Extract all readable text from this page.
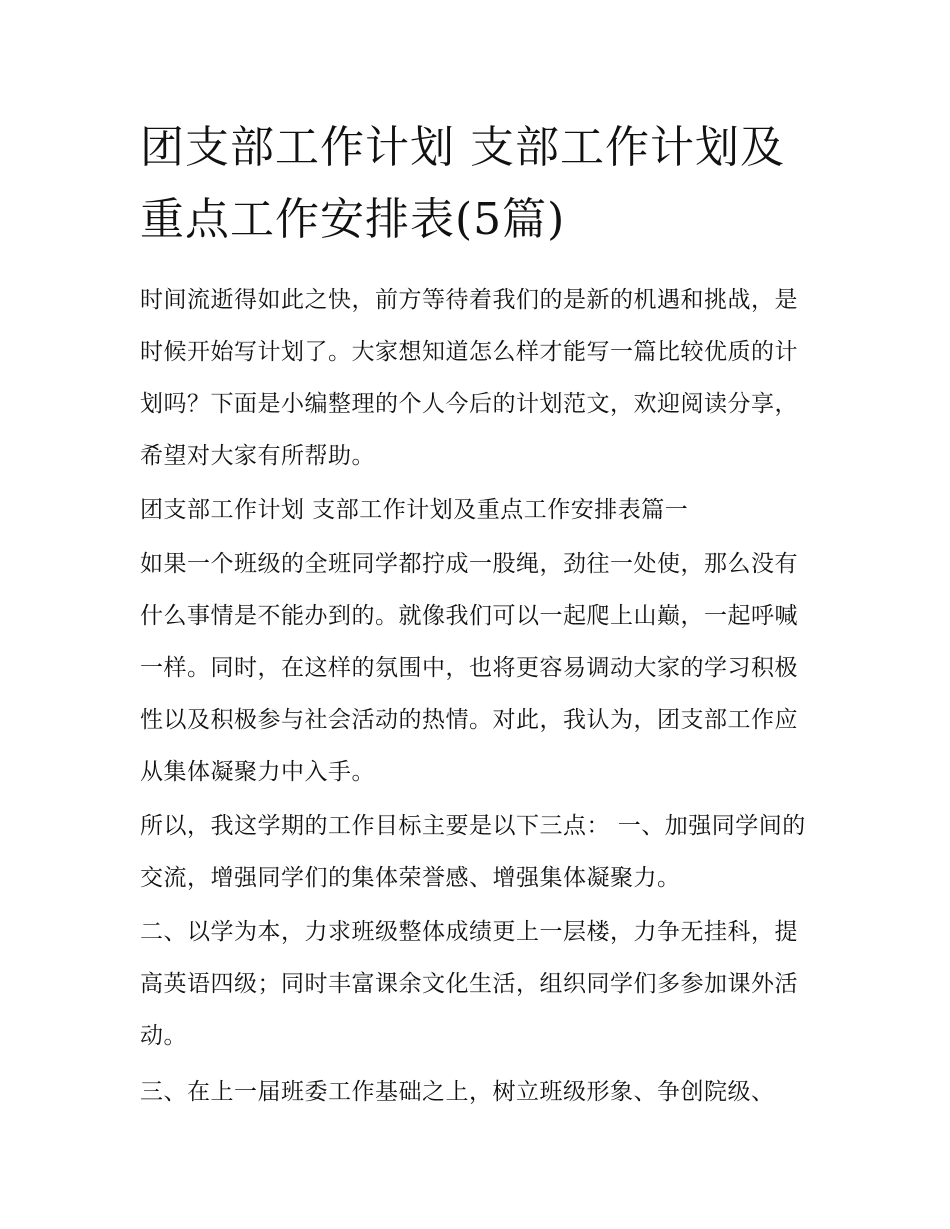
团支部工作计划 支部工作计划及重点工作安排表(5篇)

时间流逝得如此之快，前方等待着我们的是新的机遇和挑战，是时候开始写计划了。大家想知道怎么样才能写一篇比较优质的计划吗？下面是小编整理的个人今后的计划范文，欢迎阅读分享，希望对大家有所帮助。

团支部工作计划 支部工作计划及重点工作安排表篇一

如果一个班级的全班同学都拧成一股绳，劲往一处使，那么没有什么事情是不能办到的。就像我们可以一起爬上山巅，一起呼喊一样。同时，在这样的氛围中，也将更容易调动大家的学习积极性以及积极参与社会活动的热情。对此，我认为，团支部工作应从集体凝聚力中入手。

所以，我这学期的工作目标主要是以下三点： 一、加强同学间的交流，增强同学们的集体荣誉感、增强集体凝聚力。

二、以学为本，力求班级整体成绩更上一层楼，力争无挂科，提高英语四级；同时丰富课余文化生活，组织同学们多参加课外活动。

三、在上一届班委工作基础之上，树立班级形象、争创院级、
